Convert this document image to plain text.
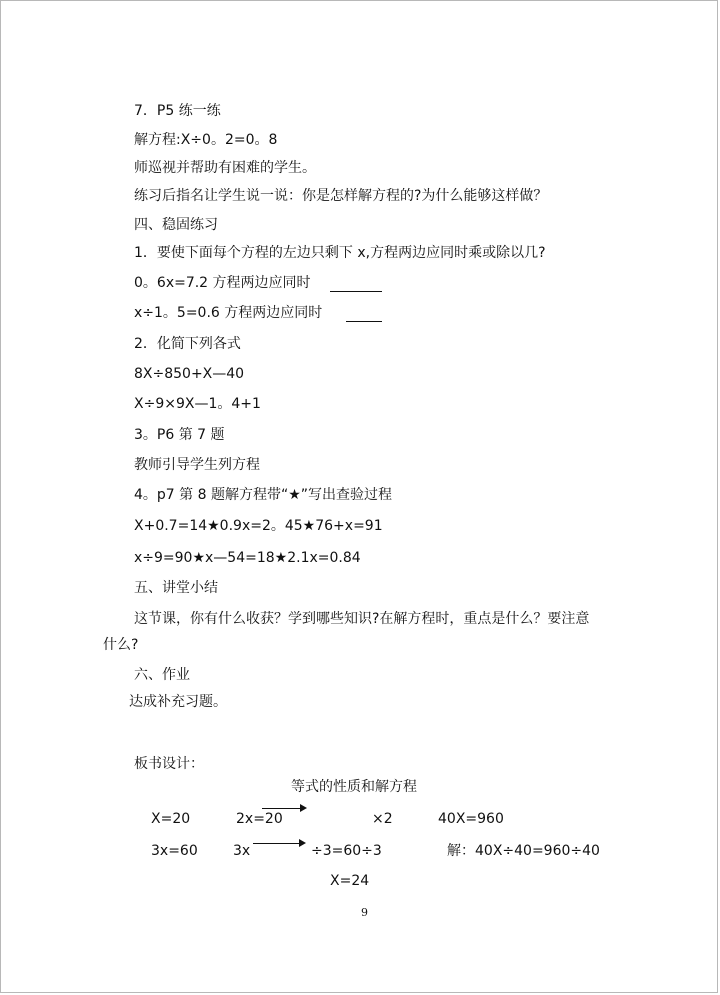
7．P5 练一练
解方程:X÷0。2=0。8
师巡视并帮助有困难的学生。
练习后指名让学生说一说：你是怎样解方程的?为什么能够这样做？
四、稳固练习
1．要使下面每个方程的左边只剩下 x,方程两边应同时乘或除以几?
0。6x=7.2 方程两边应同时
x÷1。5=0.6 方程两边应同时
2．化简下列各式
8X÷850+X—40
X÷9×9X—1。4+1
3。P6 第 7 题
教师引导学生列方程
4。p7 第 8 题解方程带“★”写出查验过程
X+0.7=14★0.9x=2。45★76+x=91
x÷9=90★x—54=18★2.1x=0.84
五、讲堂小结
这节课，你有什么收获？学到哪些知识?在解方程时，重点是什么？要注意
什么?
六、作业
达成补充习题。
板书设计：
等式的性质和解方程
X=20	2x=20	×2	40X=960
3x=60	3x	÷3=60÷3	解：40X÷40=960÷40
X=24
9
